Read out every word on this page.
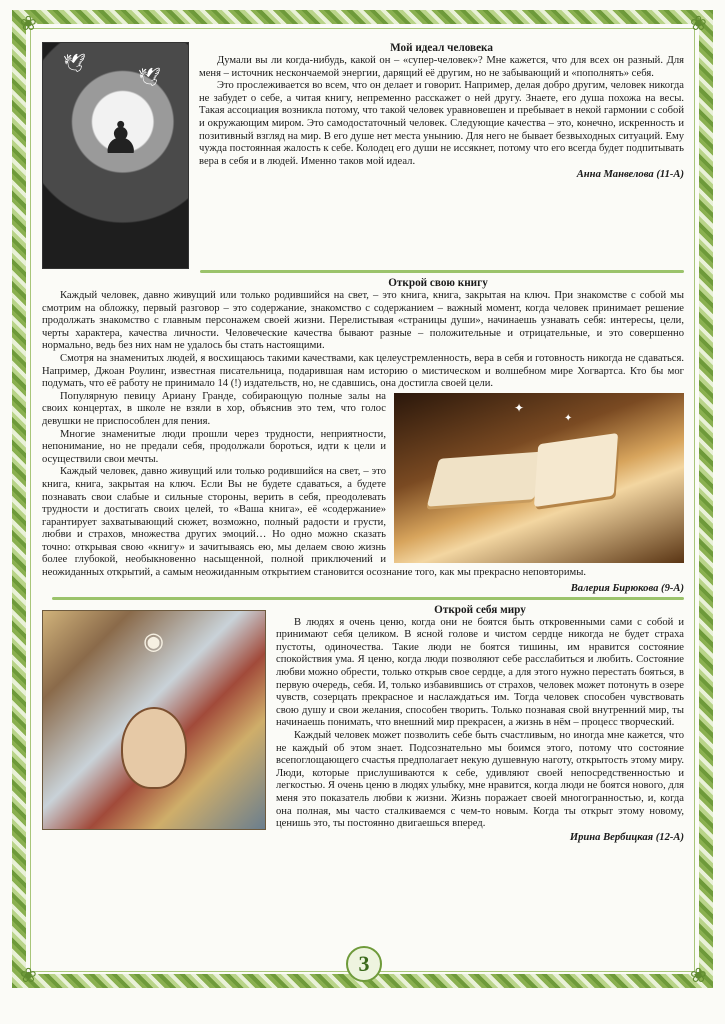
❀	❀
❀	❀
🕊
🕊
♟
Мой идеал человека

Думали вы ли когда-нибудь, какой он – «супер-человек»? Мне кажется, что для всех он разный. Для меня – источник нескончаемой энергии, дарящий её другим, но не забывающий и «пополнять» себя.

Это прослеживается во всем, что он делает и говорит. Например, делая добро другим, человек никогда не забудет о себе, а читая книгу, непременно расскажет о ней другу. Знаете, его душа похожа на весы. Такая ассоциация возникла потому, что такой человек уравновешен и пребывает в некой гармонии с собой и окружающим миром. Это самодостаточный человек. Следующие качества – это, конечно, искренность и позитивный взгляд на мир. В его душе нет места унынию. Для него не бывает безвыходных ситуаций. Ему чужда постоянная жалость к себе. Колодец его души не иссякнет, потому что его всегда будет подпитывать вера в себя и в людей. Именно таков мой идеал.

Анна Манвелова (11-А)
Открой свою книгу

Каждый человек, давно живущий или только родившийся на свет, – это книга, книга, закрытая на ключ. При знакомстве с собой мы смотрим на обложку, первый разговор – это содержание, знакомство с содержанием – важный момент, когда человек принимает решение продолжать знакомство с главным персонажем своей жизни. Перелистывая «страницы души», начинаешь узнавать себя: интересы, цели, черты характера, качества личности. Человеческие качества бывают разные – положительные и отрицательные, и это совершенно нормально, ведь без них нам не удалось бы стать настоящими.

Смотря на знаменитых людей, я восхищаюсь такими качествами, как целеустремленность, вера в себя и готовность никогда не сдаваться. Например, Джоан Роулинг, известная писательница, подарившая нам историю о мистическом и волшебном мире Хогвартса. Кто бы мог подумать, что её работу не принимало 14 (!) издательств, но, не сдавшись, она достигла своей цели.

✦
✦

Популярную певицу Ариану Гранде, собирающую полные залы на своих концертах, в школе не взяли в хор, объяснив это тем, что голос девушки не приспособлен для пения.

Многие знаменитые люди прошли через трудности, неприятности, непонимание, но не предали себя, продолжали бороться, идти к цели и осуществили свои мечты.

Каждый человек, давно живущий или только родившийся на свет, – это книга, книга, закрытая на ключ. Если Вы не будете сдаваться, а будете познавать свои слабые и сильные стороны, верить в себя, преодолевать трудности и достигать своих целей, то «Ваша книга», её «содержание» гарантирует захватывающий сюжет, возможно, полный радости и грусти, любви и страхов, множества других эмоций… Но одно можно сказать точно: открывая свою «книгу» и зачитываясь ею, мы делаем свою жизнь более глубокой, необыкновенно насыщенной, полной приключений и неожиданных открытий, а самым неожиданным открытием становится осознание того, как мы прекрасно неповторимы.

Валерия Бирюкова (9-А)
◉
Открой себя миру

В людях я очень ценю, когда они не боятся быть откровенными сами с собой и принимают себя целиком. В ясной голове и чистом сердце никогда не будет страха пустоты, одиночества. Такие люди не боятся тишины, им нравится состояние спокойствия ума. Я ценю, когда люди позволяют себе расслабиться и любить. Состояние любви можно обрести, только открыв свое сердце, а для этого нужно перестать бояться, в первую очередь, себя. И, только избавившись от страхов, человек может потонуть в озере чувств, созерцать прекрасное и наслаждаться им. Тогда человек способен чувствовать свою душу и свои желания, способен творить. Только познавая свой внутренний мир, ты начинаешь понимать, что внешний мир прекрасен, а жизнь в нём – процесс творческий.

Каждый человек может позволить себе быть счастливым, но иногда мне кажется, что не каждый об этом знает. Подсознательно мы боимся этого, потому что состояние всепоглощающего счастья предполагает некую душевную наготу, открытость этому миру. Люди, которые прислушиваются к себе, удивляют своей непосредственностью и легкостью. Я очень ценю в людях улыбку, мне нравится, когда люди не боятся нового, для меня это показатель любви к жизни. Жизнь поражает своей многогранностью, и, когда она полная, мы часто сталкиваемся с чем-то новым. Когда ты открыт этому новому, ценишь это, ты постоянно двигаешься вперед.

Ирина Вербицкая (12-А)
3
